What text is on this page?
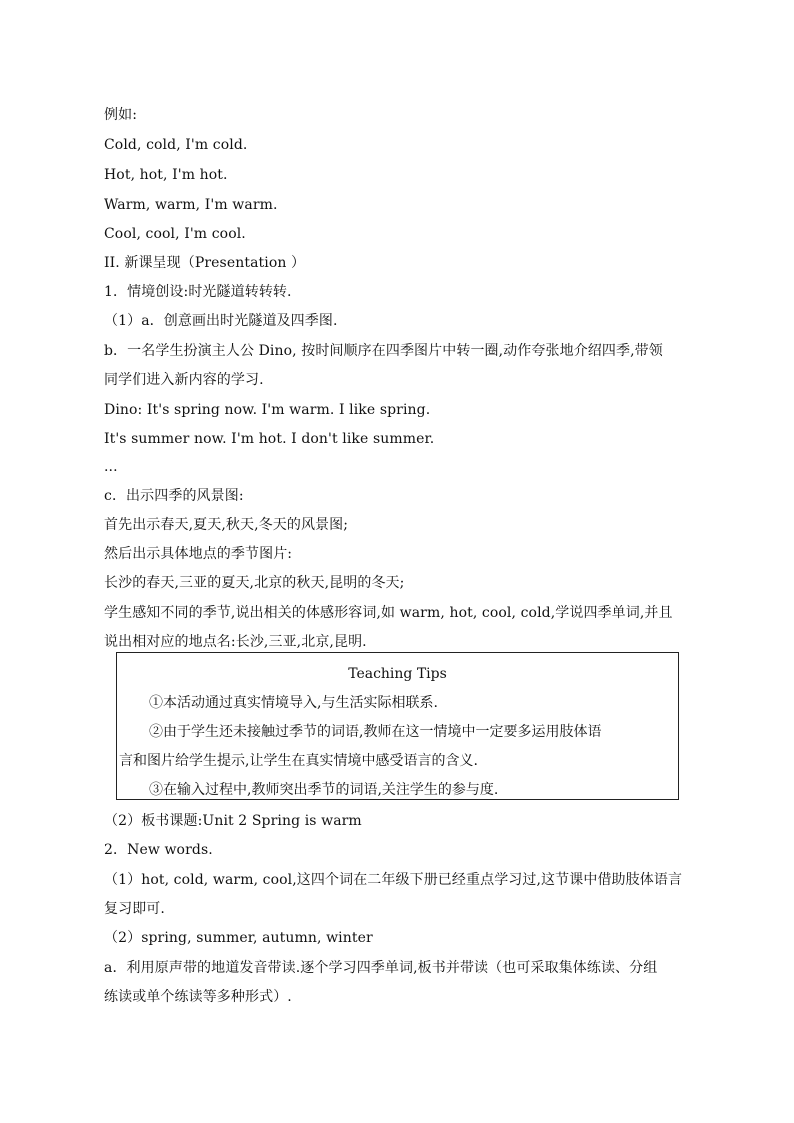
例如:
Cold, cold, I'm cold.
Hot, hot, I'm hot.
Warm, warm, I'm warm.
Cool, cool, I'm cool.
II. 新课呈现（Presentation ）
1．情境创设:时光隧道转转转.
（1）a．创意画出时光隧道及四季图.
b．一名学生扮演主人公 Dino, 按时间顺序在四季图片中转一圈,动作夸张地介绍四季,带领
同学们进入新内容的学习.
Dino: It's spring now. I'm warm. I like spring.
It's summer now. I'm hot. I don't like summer.
...
c．出示四季的风景图:
首先出示春天,夏天,秋天,冬天的风景图;
然后出示具体地点的季节图片:
长沙的春天,三亚的夏天,北京的秋天,昆明的冬天;
学生感知不同的季节,说出相关的体感形容词,如 warm, hot, cool, cold,学说四季单词,并且
说出相对应的地点名:长沙,三亚,北京,昆明.
Teaching Tips
①本活动通过真实情境导入,与生活实际相联系.
②由于学生还未接触过季节的词语,教师在这一情境中一定要多运用肢体语
言和图片给学生提示,让学生在真实情境中感受语言的含义.
③在输入过程中,教师突出季节的词语,关注学生的参与度.
（2）板书课题:Unit 2 Spring is warm
2．New words.
（1）hot, cold, warm, cool,这四个词在二年级下册已经重点学习过,这节课中借助肢体语言
复习即可.
（2）spring, summer, autumn, winter
a．利用原声带的地道发音带读.逐个学习四季单词,板书并带读（也可采取集体练读、分组
练读或单个练读等多种形式）.
